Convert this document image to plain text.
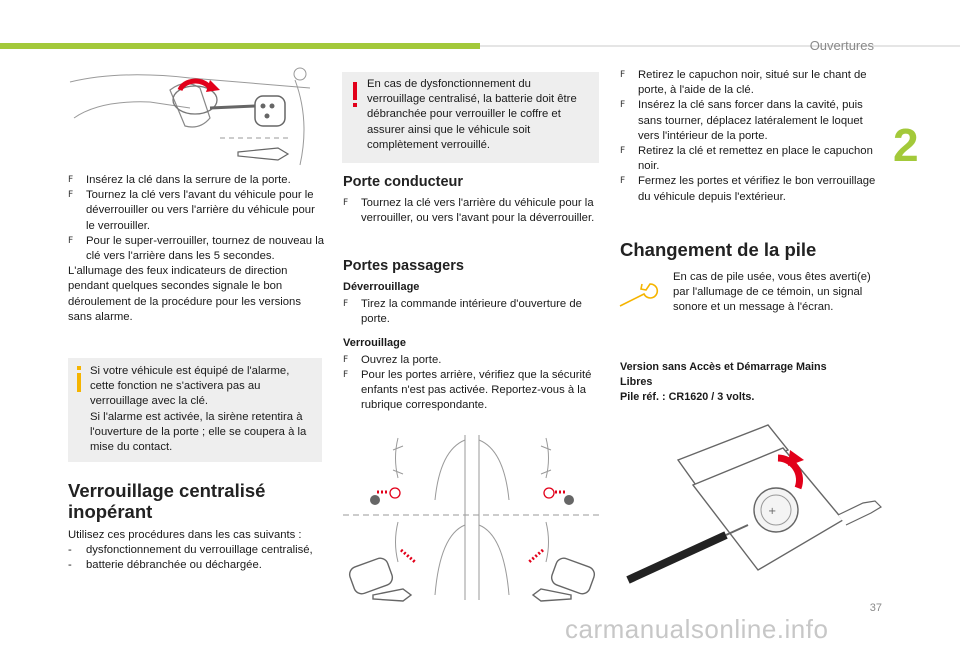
Ouvertures
2
F Insérez la clé dans la serrure de la porte.
F Tournez la clé vers l'avant du véhicule pour le déverrouiller ou vers l'arrière du véhicule pour le verrouiller.
F Pour le super-verrouiller, tournez de nouveau la clé vers l'arrière dans les 5 secondes.
L'allumage des feux indicateurs de direction pendant quelques secondes signale le bon déroulement de la procédure pour les versions sans alarme.
Si votre véhicule est équipé de l'alarme, cette fonction ne s'activera pas au verrouillage avec la clé.
Si l'alarme est activée, la sirène retentira à l'ouverture de la porte ; elle se coupera à la mise du contact.
Verrouillage centralisé
inopérant
Utilisez ces procédures dans les cas suivants :
- dysfonctionnement du verrouillage centralisé,
- batterie débranchée ou déchargée.
En cas de dysfonctionnement du verrouillage centralisé, la batterie doit être débranchée pour verrouiller le coffre et assurer ainsi que le véhicule soit complètement verrouillé.
Porte conducteur
F Tournez la clé vers l'arrière du véhicule pour la verrouiller, ou vers l'avant pour la déverrouiller.
Portes passagers
Déverrouillage
F Tirez la commande intérieure d'ouverture de porte.
Verrouillage
F Ouvrez la porte.
F Pour les portes arrière, vérifiez que la sécurité enfants n'est pas activée. Reportez-vous à la rubrique correspondante.
F Retirez le capuchon noir, situé sur le chant de porte, à l'aide de la clé.
F Insérez la clé sans forcer dans la cavité, puis sans tourner, déplacez latéralement le loquet vers l'intérieur de la porte.
F Retirez la clé et remettez en place le capuchon noir.
F Fermez les portes et vérifiez le bon verrouillage du véhicule depuis l'extérieur.
Changement de la pile
En cas de pile usée, vous êtes averti(e) par l'allumage de ce témoin, un signal sonore et un message à l'écran.
Version sans Accès et Démarrage Mains
Libres
Pile réf. : CR1620 / 3 volts.
+
37
carmanualsonline.info
